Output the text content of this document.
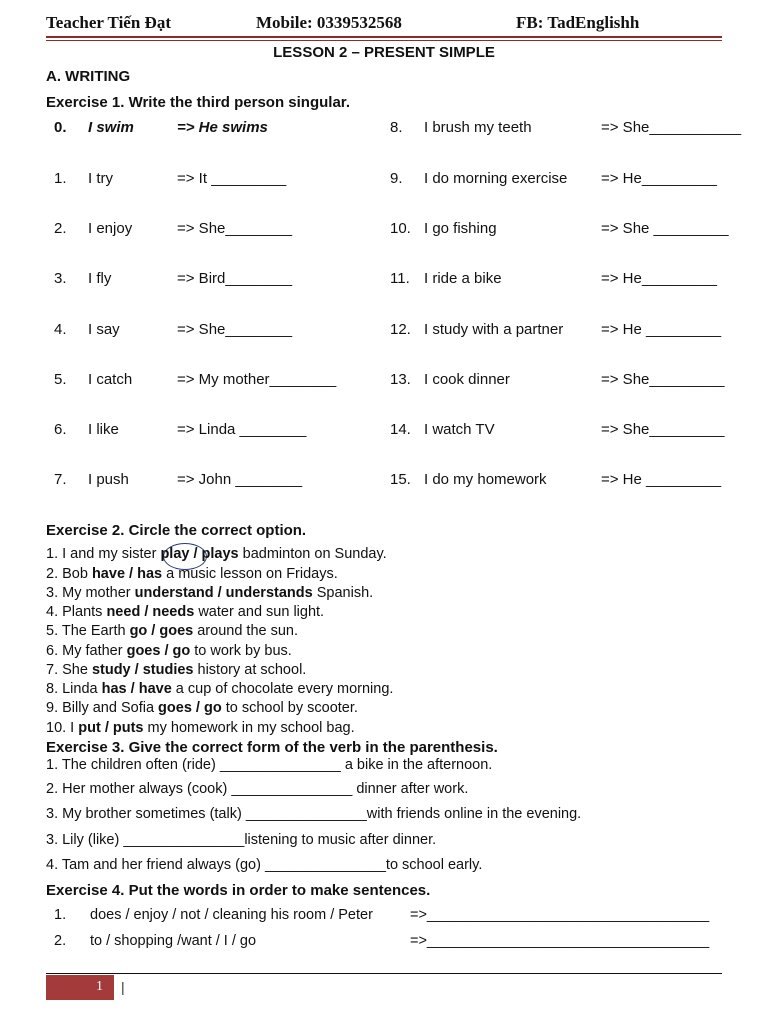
Teacher Tiến Đạt	Mobile: 0339532568	FB: TadEnglishh
LESSON 2 – PRESENT SIMPLE
A. WRITING
Exercise 1. Write the third person singular.
0. I swim	=> He swims
1. I try	=> It _________
2. I enjoy	=> She________
3. I fly	=> Bird________
4. I say	=> She________
5. I catch	=> My mother________
6. I like	=> Linda ________
7. I push	=> John ________
8. I brush my teeth	=> She___________
9. I do morning exercise => He_________
10. I go fishing	=> She _________
11. I ride a bike	=> He_________
12. I study with a partner	=> He _________
13. I cook dinner	=> She_________
14. I watch TV	=> She_________
15. I do my homework	=> He _________
Exercise 2. Circle the correct option.
1. I and my sister play / plays badminton on Sunday.
2. Bob have / has a music lesson on Fridays.
3. My mother understand / understands Spanish.
4. Plants need / needs water and sun light.
5. The Earth go / goes around the sun.
6. My father goes / go to work by bus.
7. She study / studies history at school.
8. Linda has / have a cup of chocolate every morning.
9. Billy and Sofia goes / go to school by scooter.
10. I put / puts my homework in my school bag.
Exercise 3. Give the correct form of the verb in the parenthesis.
1. The children often (ride) _______________ a bike in the afternoon.
2. Her mother always (cook) _______________ dinner after work.
3. My brother sometimes (talk) _______________with friends online in the evening.
3. Lily (like) _______________listening to music after dinner.
4. Tam and her friend always (go) _______________to school early.
Exercise 4. Put the words in order to make sentences.
1. does / enjoy / not / cleaning his room / Peter	=>___________________________________
2. to / shopping /want / I / go	=>___________________________________
1 |
